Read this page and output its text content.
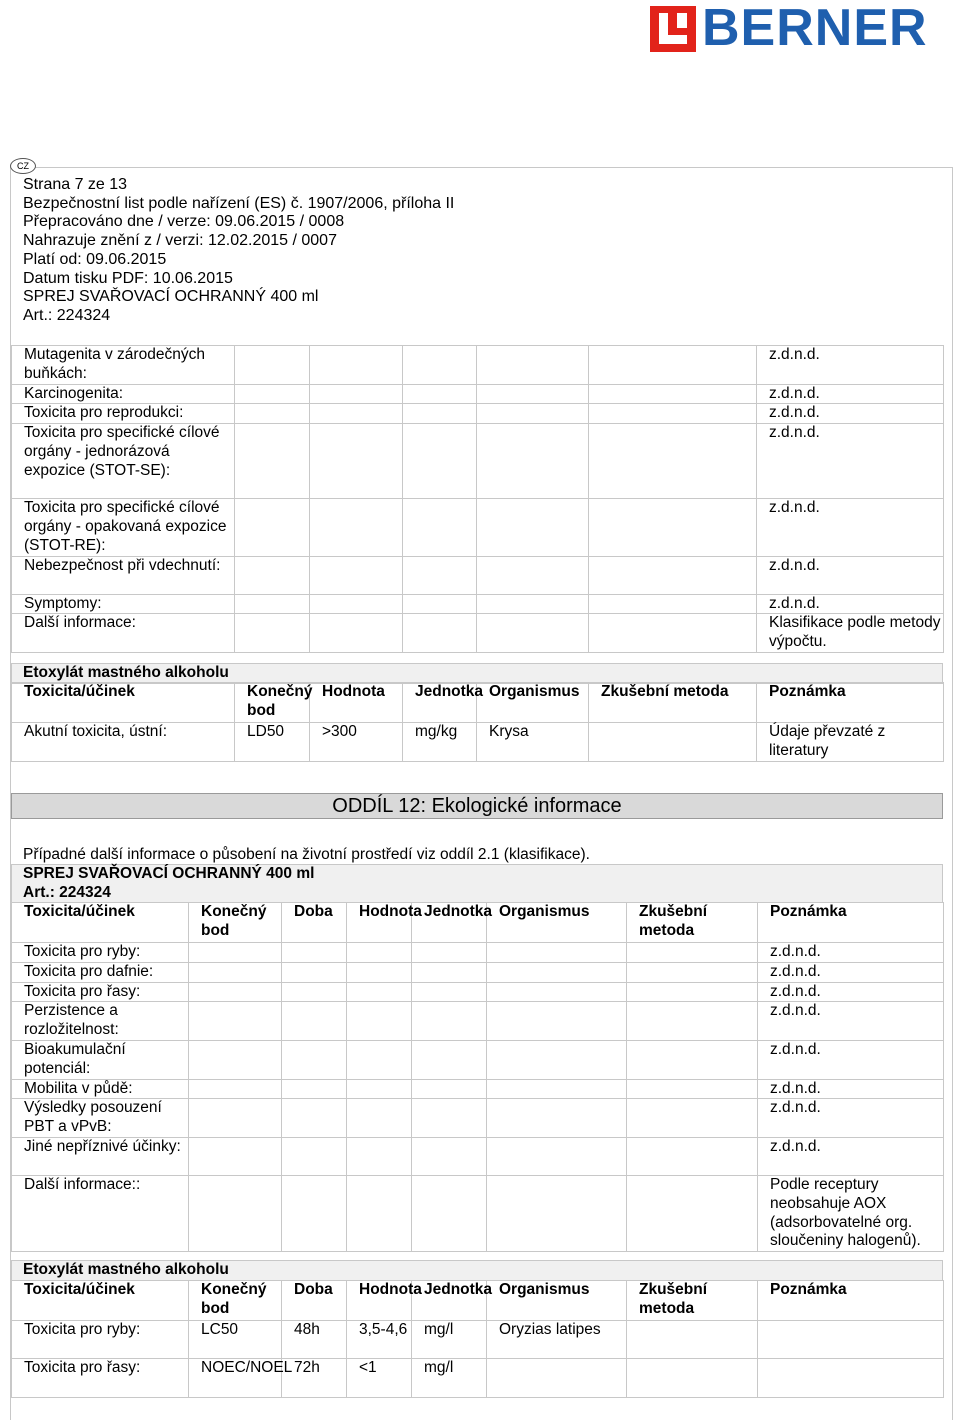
BERNER
CZ
Strana 7 ze 13
Bezpečnostní list podle nařízení (ES) č. 1907/2006, příloha II
Přepracováno dne / verze: 09.06.2015 / 0008
Nahrazuje znění z / verzi: 12.02.2015 / 0007
Platí od: 09.06.2015
Datum tisku PDF: 10.06.2015
SPREJ SVAŘOVACÍ OCHRANNÝ 400 ml
Art.: 224324
Mutagenita v zárodečných buňkách:						z.d.n.d.
Karcinogenita:						z.d.n.d.
Toxicita pro reprodukci:						z.d.n.d.
Toxicita pro specifické cílové orgány - jednorázová expozice (STOT-SE):						z.d.n.d.
Toxicita pro specifické cílové orgány - opakovaná expozice (STOT-RE):						z.d.n.d.
Nebezpečnost při vdechnutí:						z.d.n.d.
Symptomy:						z.d.n.d.
Další informace:						Klasifikace podle metody výpočtu.
Etoxylát mastného alkoholu
Toxicita/účinek	Konečný bod	Hodnota	Jednotka	Organismus	Zkušební metoda	Poznámka
Akutní toxicita, ústní:	LD50	>300	mg/kg	Krysa		Údaje převzaté z literatury
ODDÍL 12: Ekologické informace
Případné další informace o působení na životní prostředí viz oddíl 2.1 (klasifikace).
SPREJ SVAŘOVACÍ OCHRANNÝ 400 ml
Art.: 224324
Toxicita/účinek	Konečný bod	Doba	Hodnota	Jednotka	Organismus	Zkušební metoda	Poznámka
Toxicita pro ryby:							z.d.n.d.
Toxicita pro dafnie:							z.d.n.d.
Toxicita pro řasy:							z.d.n.d.
Perzistence a rozložitelnost:							z.d.n.d.
Bioakumulační potenciál:							z.d.n.d.
Mobilita v půdě:							z.d.n.d.
Výsledky posouzení PBT a vPvB:							z.d.n.d.
Jiné nepříznivé účinky:							z.d.n.d.
Další informace::							Podle receptury neobsahuje AOX (adsorbovatelné org. sloučeniny halogenů).
Etoxylát mastného alkoholu
Toxicita/účinek	Konečný bod	Doba	Hodnota	Jednotka	Organismus	Zkušební metoda	Poznámka
Toxicita pro ryby:	LC50	48h	3,5-4,6	mg/l	Oryzias latipes		
Toxicita pro řasy:	NOEC/NOEL	72h	<1	mg/l			
